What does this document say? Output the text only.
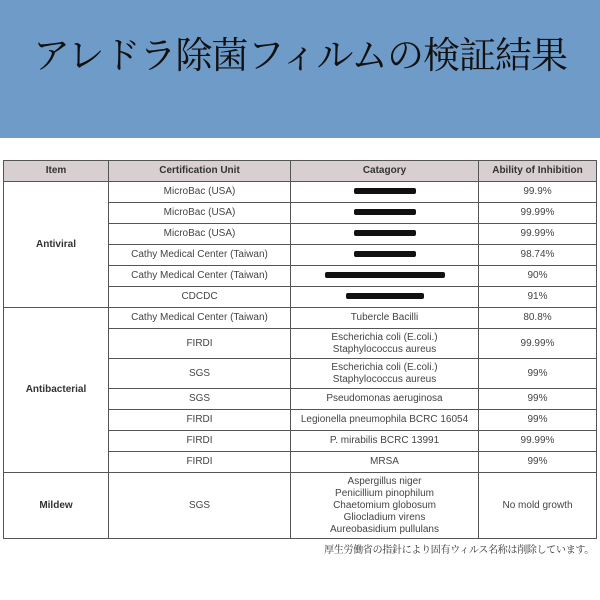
アレドラ除菌フィルムの検証結果
Item	Certification Unit	Catagory	Ability of Inhibition
Antiviral	MicroBac (USA)		99.9%
	MicroBac (USA)		99.99%
	MicroBac (USA)		99.99%
	Cathy Medical Center (Taiwan)		98.74%
	Cathy Medical Center (Taiwan)		90%
	CDCDC		91%
Antibacterial	Cathy Medical Center (Taiwan)	Tubercle Bacilli	80.8%
	FIRDI	Escherichia coli (E.coli.)
Staphylococcus aureus	99.99%
	SGS	Escherichia coli (E.coli.)
Staphylococcus aureus	99%
	SGS	Pseudomonas aeruginosa	99%
	FIRDI	Legionella pneumophila BCRC 16054	99%
	FIRDI	P. mirabilis BCRC 13991	99.99%
	FIRDI	MRSA	99%
Mildew	SGS	Aspergillus niger
Penicillium pinophilum
Chaetomium globosum
Gliocladium virens
Aureobasidium pullulans	No mold growth
厚生労働省の指針により固有ウィルス名称は削除しています。
